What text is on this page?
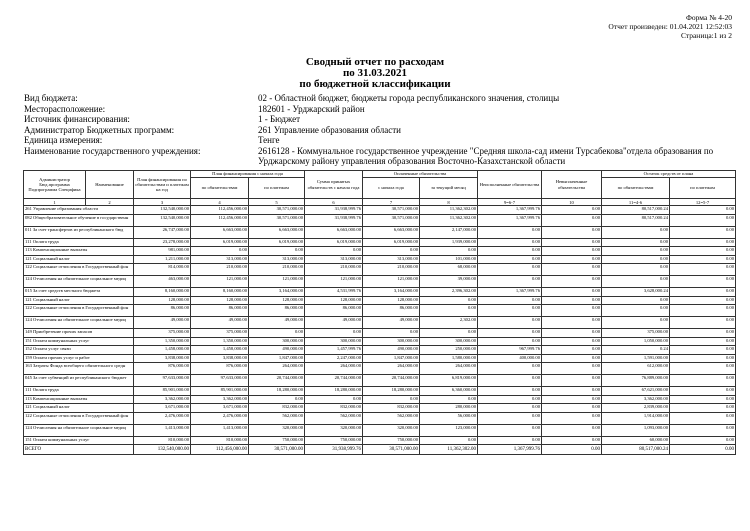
Форма № 4-20
Отчет произведен: 01.04.2021 12:52:03
Страница:1 из 2
Сводный отчет по расходам
по 31.03.2021
по бюджетной классификации
Вид бюджета:	02 - Областной бюджет, бюджеты города республиканского значения, столицы
Месторасположение:	182601 - Урджарский район
Источник финансирования:	1 - Бюджет
Администратор Бюджетных программ:	261 Управление образования области
Единица измерения:	Тенге
Наименование государственного учреждения:	2616128 - Коммунальное государственное учреждение "Средняя школа-сад имени Турсабекова"отдела образования по Урджарскому району управления образования Восточно-Казахстанской области
Администратор Бюд.программа Подпрограмма Специфика	Наименование	План финансирования по обязательствам и платежам на год	План финансирования с начала года		Сумма принятых обязательств с начала года	Оплаченные обязательства		Неисполненные обязательства	Невыплаченные обязательства	Остаток средств от плана	
			по обязательствам	по платежам		с начала года	за текущий месяц			по обязательствам	по платежам
1	2	3	4	5	6	7	8	9=6-7	10	11=4-6	12=5-7
261 Управление образования области		132,540,000.00	112,456,000.00	30,571,000.00	31,938,999.76	30,571,000.00	11,362,302.00	1,367,999.76	0.00	80,517,000.24	0.00
082 Общеобразовательное обучение в государственн		132,540,000.00	112,456,000.00	30,571,000.00	31,938,999.76	30,571,000.00	11,362,302.00	1,367,999.76	0.00	80,517,000.24	0.00
011 За счет трансфертов из республиканского бюд		26,747,000.00	6,663,000.00	6,663,000.00	6,663,000.00	6,663,000.00	2,147,000.00	0.00	0.00	0.00	0.00
111 Оплата труда		23,278,000.00	6,019,000.00	6,019,000.00	6,019,000.00	6,019,000.00	1,939,000.00	0.00	0.00	0.00	0.00
113 Компенсационные выплаты		981,000.00	0.00	0.00	0.00	0.00	0.00	0.00	0.00	0.00	0.00
121 Социальный налог		1,211,000.00	313,000.00	313,000.00	313,000.00	313,000.00	101,000.00	0.00	0.00	0.00	0.00
122 Социальные отчисления в Государственный фон		814,000.00	210,000.00	210,000.00	210,000.00	210,000.00	68,000.00	0.00	0.00	0.00	0.00
124 Отчисления на обязательное социальное медиц		463,000.00	121,000.00	121,000.00	121,000.00	121,000.00	39,000.00	0.00	0.00	0.00	0.00
015 За счет средств местного бюджета		8,160,000.00	8,160,000.00	3,164,000.00	4,531,999.76	3,164,000.00	2,396,302.00	1,367,999.76	0.00	3,628,000.24	0.00
121 Социальный налог		128,000.00	128,000.00	128,000.00	128,000.00	128,000.00	0.00	0.00	0.00	0.00	0.00
122 Социальные отчисления в Государственный фон		86,000.00	86,000.00	86,000.00	86,000.00	86,000.00	0.00	0.00	0.00	0.00	0.00
124 Отчисления на обязательное социальное медиц		49,000.00	49,000.00	49,000.00	49,000.00	49,000.00	2,302.00	0.00	0.00	0.00	0.00
149 Приобретение прочих запасов		375,000.00	375,000.00	0.00	0.00	0.00	0.00	0.00	0.00	375,000.00	0.00
151 Оплата коммунальных услуг		1,350,000.00	1,350,000.00	300,000.00	300,000.00	300,000.00	300,000.00	0.00	0.00	1,050,000.00	0.00
152 Оплата услуг связи		1,458,000.00	1,458,000.00	490,000.00	1,457,999.76	490,000.00	250,000.00	967,999.76	0.00	0.24	0.00
159 Оплата прочих услуг и работ		3,838,000.00	3,838,000.00	1,847,000.00	2,247,000.00	1,847,000.00	1,580,000.00	400,000.00	0.00	1,591,000.00	0.00
163 Затраты Фонда всеобщего обязательного средн		876,000.00	876,000.00	264,000.00	264,000.00	264,000.00	264,000.00	0.00	0.00	612,000.00	0.00
045 За счет субвенций из республиканского бюджет		97,633,000.00	97,633,000.00	20,744,000.00	20,744,000.00	20,744,000.00	6,819,000.00	0.00	0.00	76,889,000.00	0.00
111 Оплата труда		85,901,000.00	85,901,000.00	18,280,000.00	18,280,000.00	18,280,000.00	6,360,000.00	0.00	0.00	67,621,000.00	0.00
113 Компенсационные выплаты		3,362,000.00	3,362,000.00	0.00	0.00	0.00	0.00	0.00	0.00	3,362,000.00	0.00
121 Социальный налог		3,671,000.00	3,671,000.00	832,000.00	832,000.00	832,000.00	280,000.00	0.00	0.00	2,839,000.00	0.00
122 Социальные отчисления в Государственный фон		2,476,000.00	2,476,000.00	562,000.00	562,000.00	562,000.00	56,000.00	0.00	0.00	1,914,000.00	0.00
124 Отчисления на обязательное социальное медиц		1,413,000.00	1,413,000.00	320,000.00	320,000.00	320,000.00	123,000.00	0.00	0.00	1,093,000.00	0.00
151 Оплата коммунальных услуг		810,000.00	810,000.00	750,000.00	750,000.00	750,000.00	0.00	0.00	0.00	60,000.00	0.00
ВСЕГО		132,540,000.00	112,456,000.00	30,571,000.00	31,938,999.76	30,571,000.00	11,362,302.00	1,367,999.76	0.00	80,517,000.24	0.00
